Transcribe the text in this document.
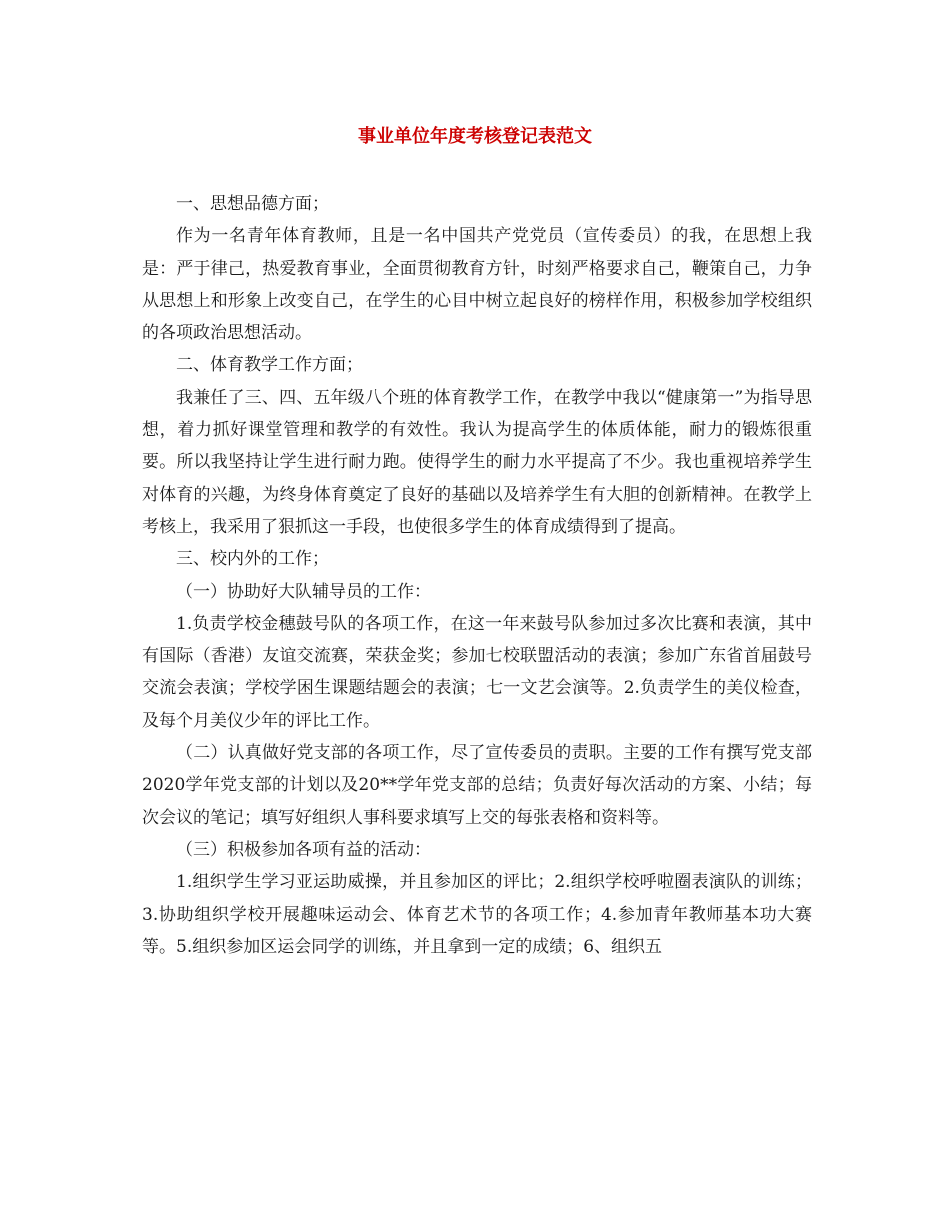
事业单位年度考核登记表范文

一、思想品德方面；

作为一名青年体育教师，且是一名中国共产党党员（宣传委员）的我，在思想上我是：严于律己，热爱教育事业，全面贯彻教育方针，时刻严格要求自己，鞭策自己，力争从思想上和形象上改变自己，在学生的心目中树立起良好的榜样作用，积极参加学校组织的各项政治思想活动。

二、体育教学工作方面；

我兼任了三、四、五年级八个班的体育教学工作，在教学中我以“健康第一”为指导思想，着力抓好课堂管理和教学的有效性。我认为提高学生的体质体能，耐力的锻炼很重要。所以我坚持让学生进行耐力跑。使得学生的耐力水平提高了不少。我也重视培养学生对体育的兴趣，为终身体育奠定了良好的基础以及培养学生有大胆的创新精神。在教学上考核上，我采用了狠抓这一手段，也使很多学生的体育成绩得到了提高。

三、校内外的工作；

（一）协助好大队辅导员的工作：

1.负责学校金穗鼓号队的各项工作，在这一年来鼓号队参加过多次比赛和表演，其中有国际（香港）友谊交流赛，荣获金奖；参加七校联盟活动的表演；参加广东省首届鼓号交流会表演；学校学困生课题结题会的表演；七一文艺会演等。2.负责学生的美仪检查，及每个月美仪少年的评比工作。

（二）认真做好党支部的各项工作，尽了宣传委员的责职。主要的工作有撰写党支部2020学年党支部的计划以及20**学年党支部的总结；负责好每次活动的方案、小结；每次会议的笔记；填写好组织人事科要求填写上交的每张表格和资料等。

（三）积极参加各项有益的活动：

1.组织学生学习亚运助威操，并且参加区的评比；2.组织学校呼啦圈表演队的训练；3.协助组织学校开展趣味运动会、体育艺术节的各项工作；4.参加青年教师基本功大赛等。5.组织参加区运会同学的训练，并且拿到一定的成绩；6、组织五
